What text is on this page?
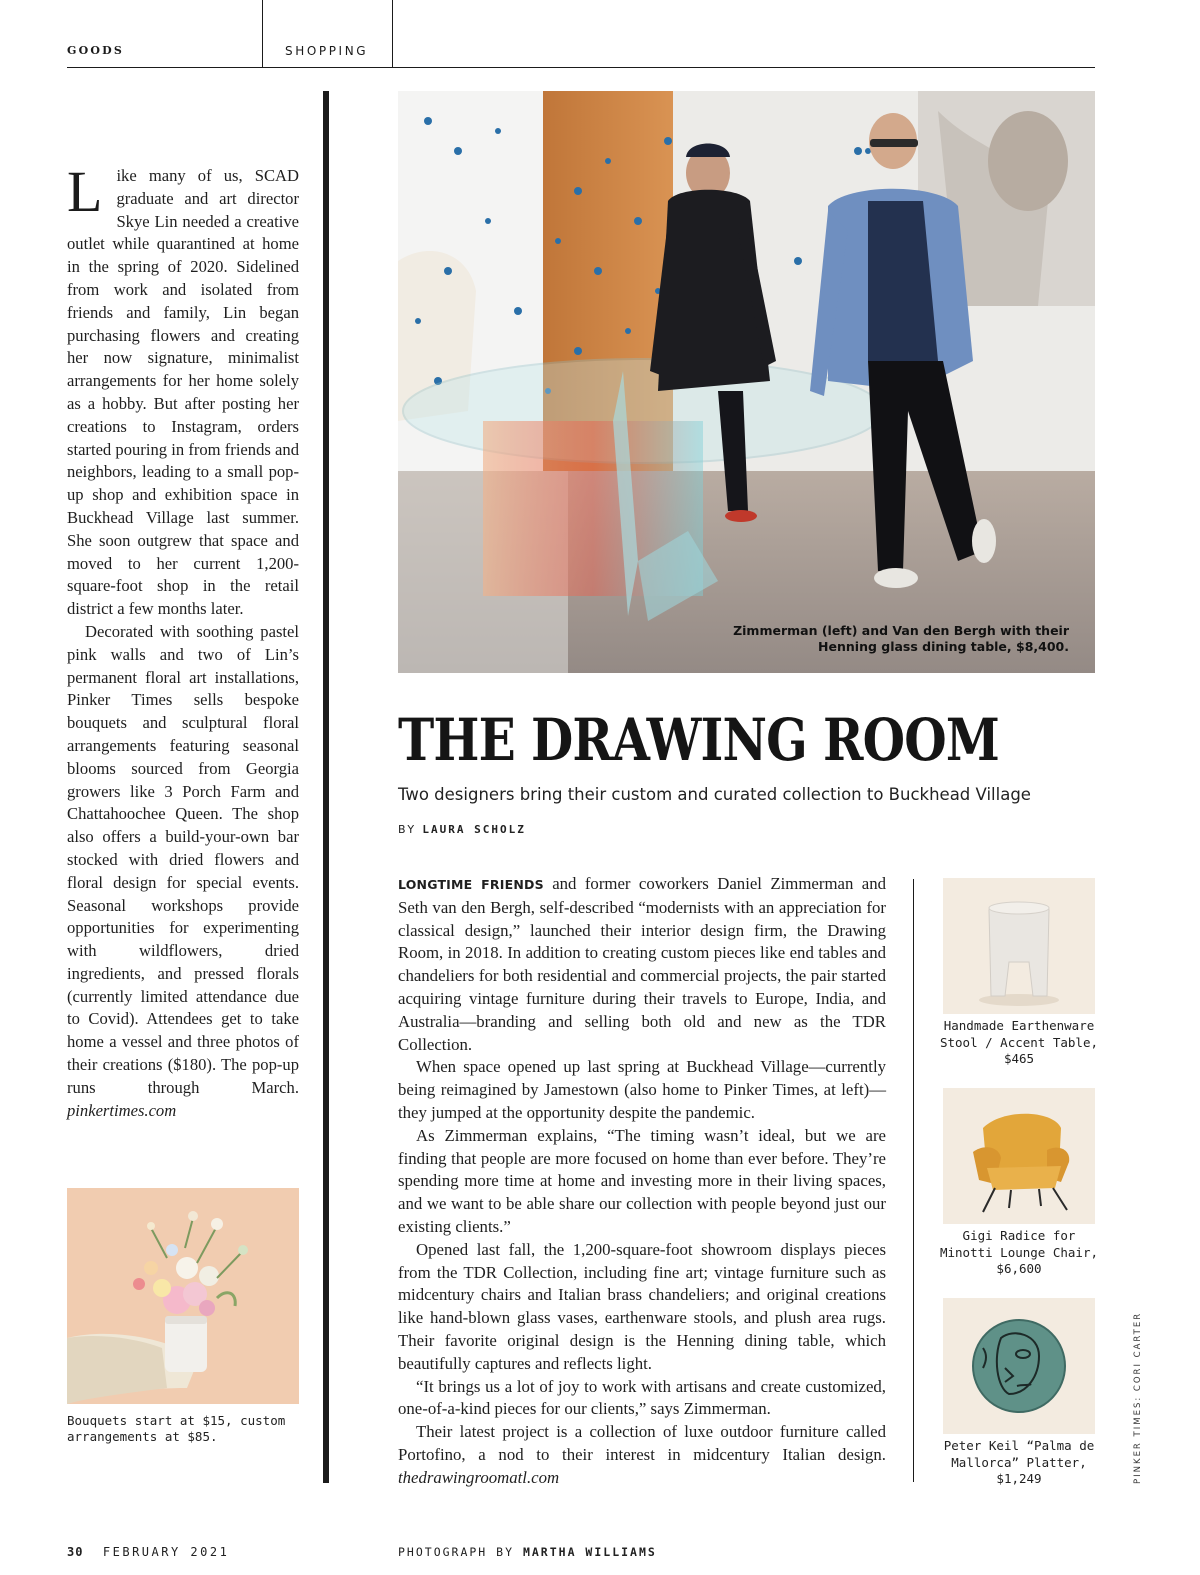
GOODS	SHOPPING

Like many of us, SCAD graduate and art director Skye Lin needed a creative outlet while quarantined at home in the spring of 2020. Sidelined from work and isolated from friends and family, Lin began purchasing flowers and creating her now signature, minimalist arrangements for her home solely as a hobby. But after posting her creations to Instagram, orders started pouring in from friends and neighbors, leading to a small pop-up shop and exhibition space in Buckhead Village last summer. She soon outgrew that space and moved to her current 1,200-square-foot shop in the retail district a few months later.

Decorated with soothing pastel pink walls and two of Lin’s permanent floral art installations, Pinker Times sells bespoke bouquets and sculptural floral arrangements featuring seasonal blooms sourced from Georgia growers like 3 Porch Farm and Chattahoochee Queen. The shop also offers a build-your-own bar stocked with dried flowers and floral design for special events. Seasonal workshops provide opportunities for experimenting with wildflowers, dried ingredients, and pressed florals (currently limited attendance due to Covid). Attendees get to take home a vessel and three photos of their creations ($180). The pop-up runs through March. pinkertimes.com

Bouquets start at $15, custom arrangements at $85.
Zimmerman (left) and Van den Bergh with their
Henning glass dining table, $8,400.
THE DRAWING ROOM
Two designers bring their custom and curated collection to Buckhead Village
BY LAURA SCHOLZ

LONGTIME FRIENDS and former coworkers Daniel Zimmerman and Seth van den Bergh, self-described “modernists with an appreciation for classical design,” launched their interior design firm, the Drawing Room, in 2018. In addition to creating custom pieces like end tables and chandeliers for both residential and commercial projects, the pair started acquiring vintage furniture during their travels to Europe, India, and Australia—branding and selling both old and new as the TDR Collection.

When space opened up last spring at Buckhead Village—currently being reimagined by Jamestown (also home to Pinker Times, at left)—they jumped at the opportunity despite the pandemic.

As Zimmerman explains, “The timing wasn’t ideal, but we are finding that people are more focused on home than ever before. They’re spending more time at home and investing more in their living spaces, and we want to be able share our collection with people beyond just our existing clients.”

Opened last fall, the 1,200-square-foot showroom displays pieces from the TDR Collection, including fine art; vintage furniture such as midcentury chairs and Italian brass chandeliers; and original creations like hand-blown glass vases, earthenware stools, and plush area rugs. Their favorite original design is the Henning dining table, which beautifully captures and reflects light.

“It brings us a lot of joy to work with artisans and create customized, one-of-a-kind pieces for our clients,” says Zimmerman.

Their latest project is a collection of luxe outdoor furniture called Portofino, a nod to their interest in midcentury Italian design. thedrawingroomatl.com

Handmade Earthenware Stool / Accent Table, $465
Gigi Radice for Minotti Lounge Chair, $6,600
Peter Keil “Palma de Mallorca” Platter, $1,249	PINKER TIMES: CORI CARTER
30 FEBRUARY 2021	PHOTOGRAPH BY MARTHA WILLIAMS
